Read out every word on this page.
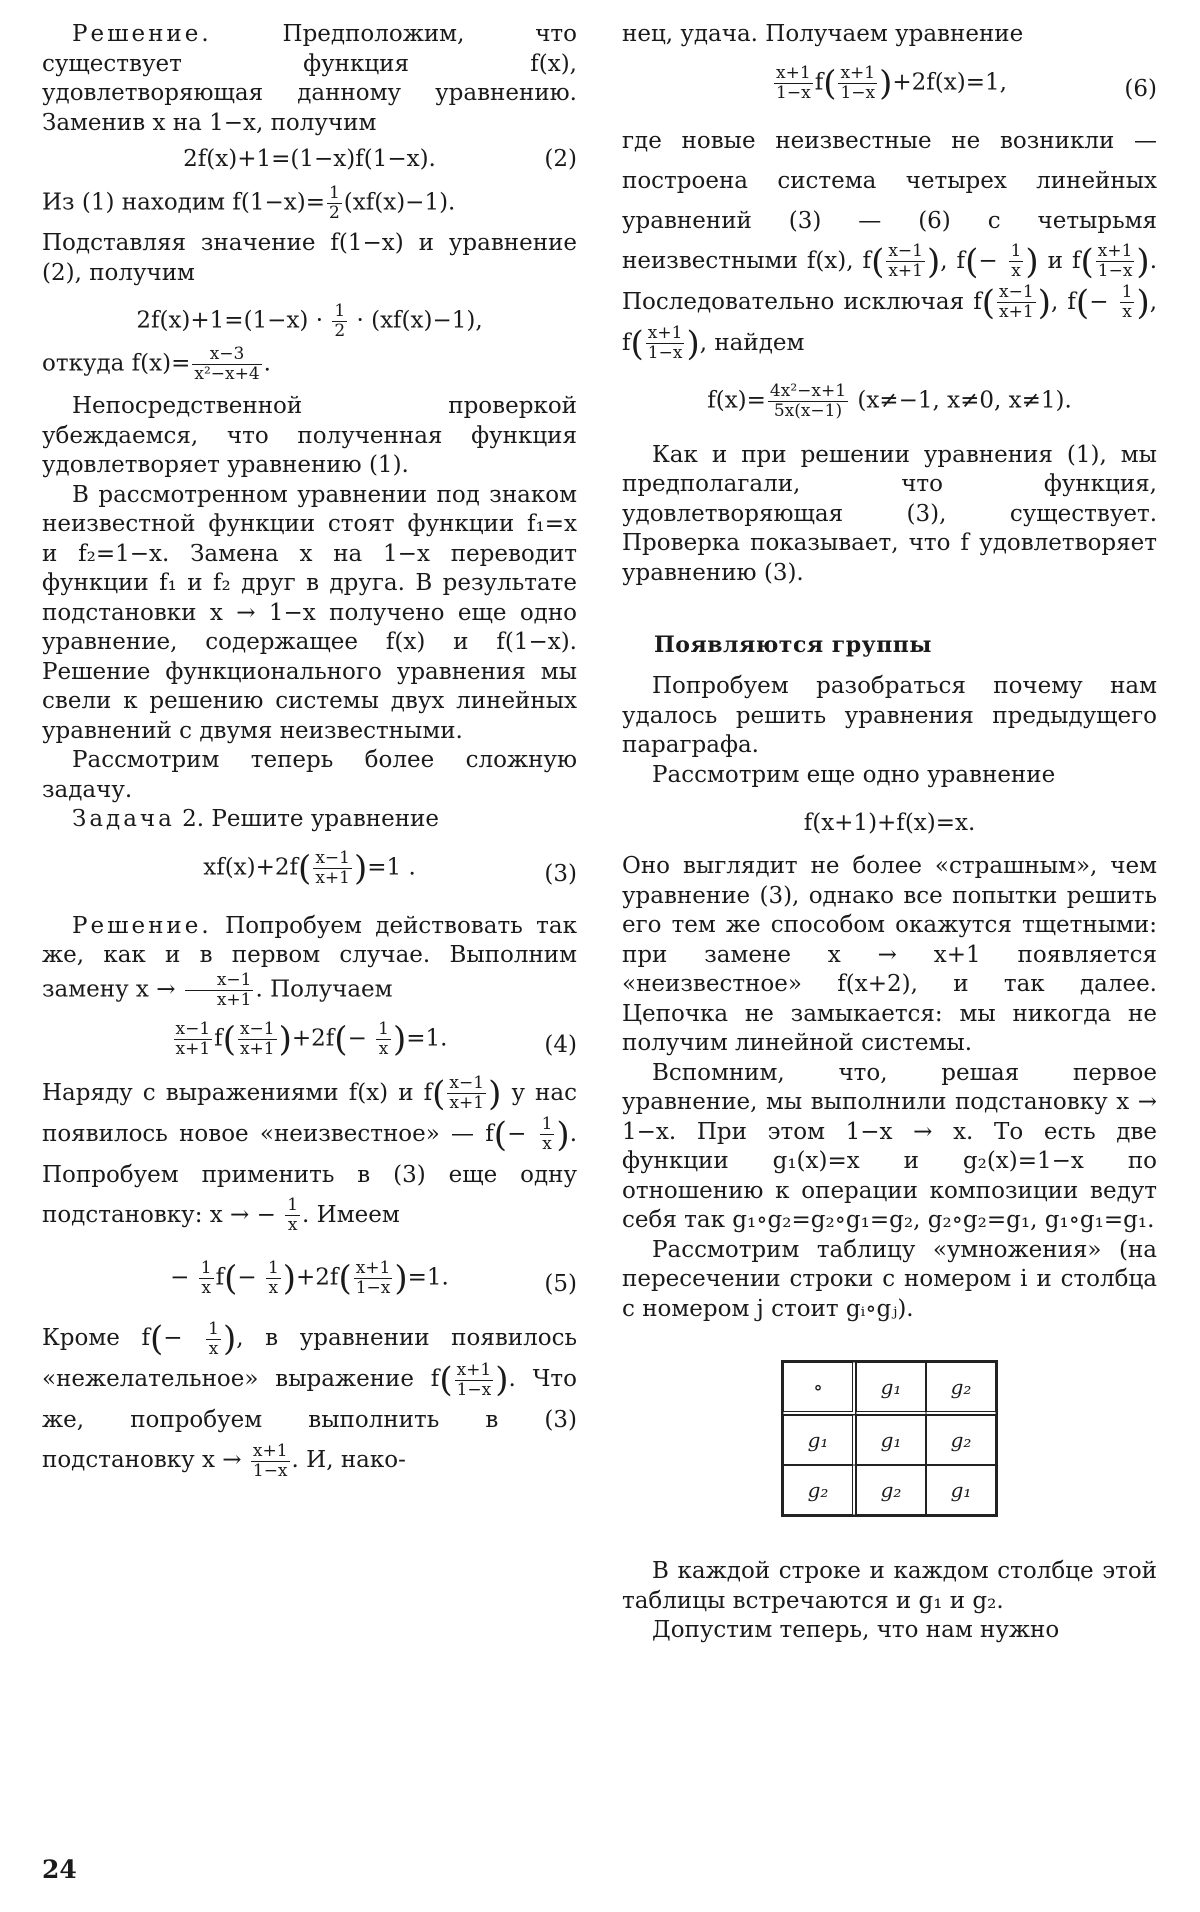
Решение. Предположим, что существует функция f(x), удовлетворяющая данному уравнению. Заменив x на 1−x, получим

2f(x)+1=(1−x)f(1−x).	(2)

Из (1) находим $f(1-x)= \frac{1}{2} (xf(x)-1)$.

Подставляя значение f(1−x) и уравнение (2), получим

$2f(x)+1=(1-x) \cdot \frac{1}{2} \cdot (xf(x)-1)$,

откуда $f(x)= \frac{x-3}{\text{x²−x+4}}$ .

Непосредственной проверкой убеждаемся, что полученная функция удовлетворяет уравнению (1).

В рассмотренном уравнении под знаком неизвестной функции стоят функции f₁=x и f₂=1−x. Замена x на 1−x переводит функции f₁ и f₂ друг в друга. В результате подстановки x → 1−x получено еще одно уравнение, содержащее f(x) и f(1−x). Решение функционального уравнения мы свели к решению системы двух линейных уравнений с двумя неизвестными.

Рассмотрим теперь более сложную задачу.

Задача 2. Решите уравнение

$xf(x)+2f( \frac{x-1}{x+1} )=1$ .	(3)

Решение. Попробуем действовать так же, как и в первом случае. Выполним замену $x \to \frac{x-1}{x+1}$ . Получаем

$\frac{x-1}{x+1} f( \frac{x-1}{x+1} )+2f(- \frac{1}{x} )=1$.	(4)

Наряду с выражениями f(x) и $f( \frac{x-1}{x+1}$ ) у нас появилось новое «неизвестное» — $f(- \frac{1}{x}$ ). Попробуем применить в (3) еще одну подстановку: x → − $\frac{1}{x}$ . Имеем

− $\frac{1}{x} f(- \frac{1}{x} )+2f( \frac{x+1}{1-x} )=1$.	(5)

Кроме $f(- \frac{1}{x}$ ), в уравнении появилось «нежелательное» выражение $f( \frac{x+1}{1-x}$ ). Что же, попробуем выполнить в (3) подстановку $x \to \frac{x+1}{1-x}$ . И, нако-

нец, удача. Получаем уравнение

$\frac{x+1}{1-x} f( \frac{x+1}{1-x} )+2f(x)=1$,	(6)

где новые неизвестные не возникли — построена система четырех линейных уравнений (3) — (6) с четырьмя неизвестными f(x), $f( \frac{x-1}{x+1}$ ), $f(- \frac{1}{x}$ ) и $f( \frac{x+1}{1-x}$ ). Последовательно исключая $f( \frac{x-1}{x+1}$ ), $f(- \frac{1}{x}$ ), $f( \frac{x+1}{1-x}$ ), найдем

$f(x)= \frac{\text{4x²−x+1}}{5x(x-1)} (x\ne-1$, x≠0, x≠1).

Как и при решении уравнения (1), мы предполагали, что функция, удовлетворяющая (3), существует. Проверка показывает, что f удовлетворяет уравнению (3).

Появляются группы

Попробуем разобраться почему нам удалось решить уравнения предыдущего параграфа.

Рассмотрим еще одно уравнение

f(x+1)+f(x)=x.

Оно выглядит не более «страшным», чем уравнение (3), однако все попытки решить его тем же способом окажутся тщетными: при замене x → x+1 появляется «неизвестное» f(x+2), и так далее. Цепочка не замыкается: мы никогда не получим линейной системы.

Вспомним, что, решая первое уравнение, мы выполнили подстановку x → 1−x. При этом 1−x → x. То есть две функции g₁(x)=x и g₂(x)=1−x по отношению к операции композиции ведут себя так g₁∘g₂=g₂∘g₁=g₂, g₂∘g₂=g₁, g₁∘g₁=g₁.

Рассмотрим таблицу «умножения» (на пересечении строки с номером i и столбца с номером j стоит gᵢ∘gⱼ).

∘	g₁	g₂
g₁	g₁	g₂
g₂	g₂	g₁

В каждой строке и каждом столбце этой таблицы встречаются и g₁ и g₂.

Допустим теперь, что нам нужно

24
